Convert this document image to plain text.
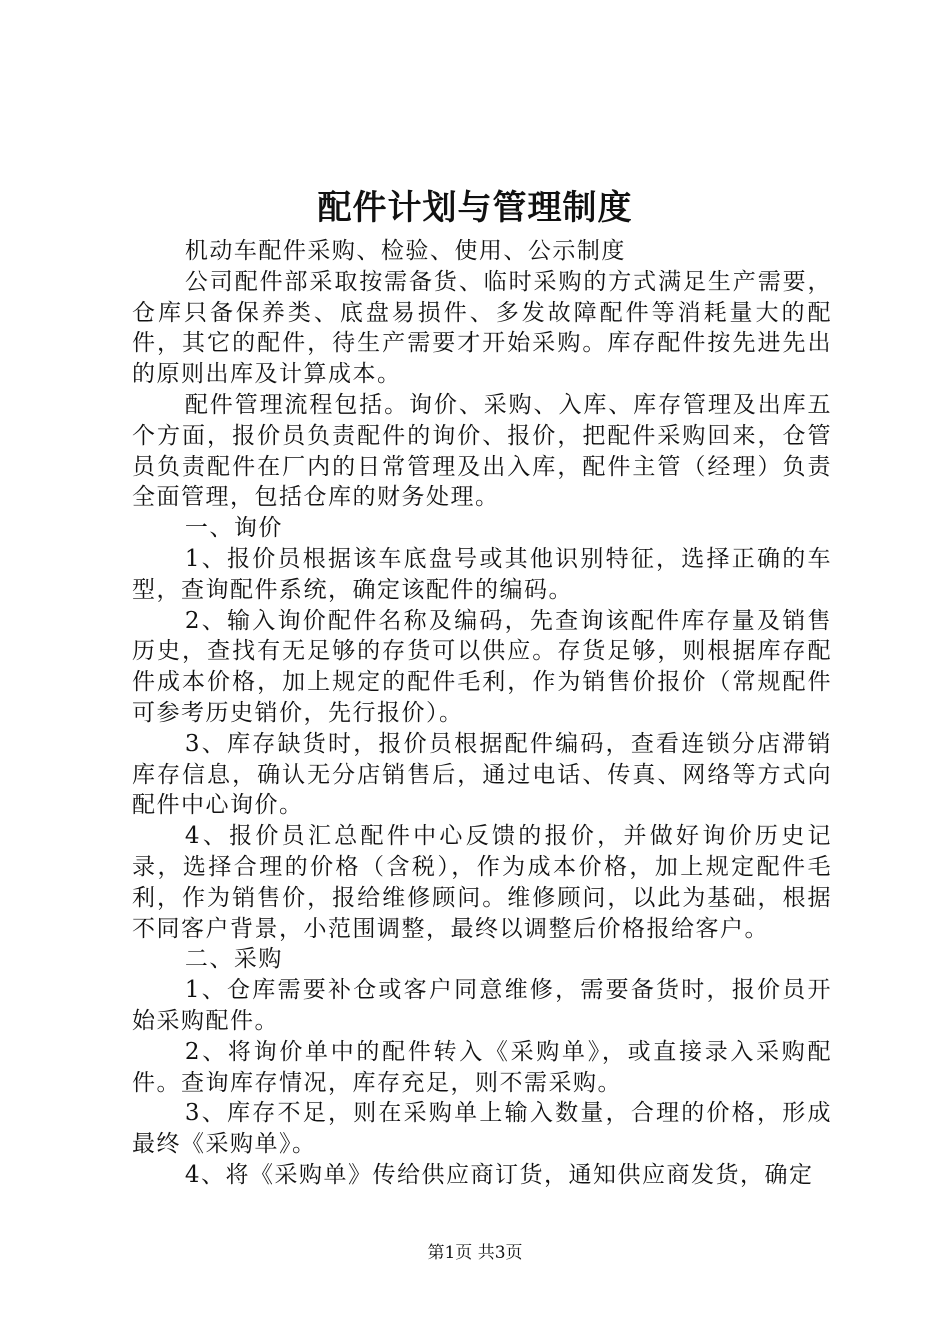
配件计划与管理制度

机动车配件采购、检验、使用、公示制度

公司配件部采取按需备货、临时采购的方式满足生产需要，仓库只备保养类、底盘易损件、多发故障配件等消耗量大的配件，其它的配件，待生产需要才开始采购。库存配件按先进先出的原则出库及计算成本。

配件管理流程包括。询价、采购、入库、库存管理及出库五个方面，报价员负责配件的询价、报价，把配件采购回来，仓管员负责配件在厂内的日常管理及出入库，配件主管（经理）负责全面管理，包括仓库的财务处理。

一、询价

1、报价员根据该车底盘号或其他识别特征，选择正确的车型，查询配件系统，确定该配件的编码。

2、输入询价配件名称及编码，先查询该配件库存量及销售历史，查找有无足够的存货可以供应。存货足够，则根据库存配件成本价格，加上规定的配件毛利，作为销售价报价（常规配件可参考历史销价，先行报价）。

3、库存缺货时，报价员根据配件编码，查看连锁分店滞销库存信息，确认无分店销售后，通过电话、传真、网络等方式向配件中心询价。

4、报价员汇总配件中心反馈的报价，并做好询价历史记录，选择合理的价格（含税），作为成本价格，加上规定配件毛利，作为销售价，报给维修顾问。维修顾问，以此为基础，根据不同客户背景，小范围调整，最终以调整后价格报给客户。

二、采购

1、仓库需要补仓或客户同意维修，需要备货时，报价员开始采购配件。

2、将询价单中的配件转入《采购单》，或直接录入采购配件。查询库存情况，库存充足，则不需采购。

3、库存不足，则在采购单上输入数量，合理的价格，形成最终《采购单》。

4、将《采购单》传给供应商订货，通知供应商发货，确定

第1页 共3页
